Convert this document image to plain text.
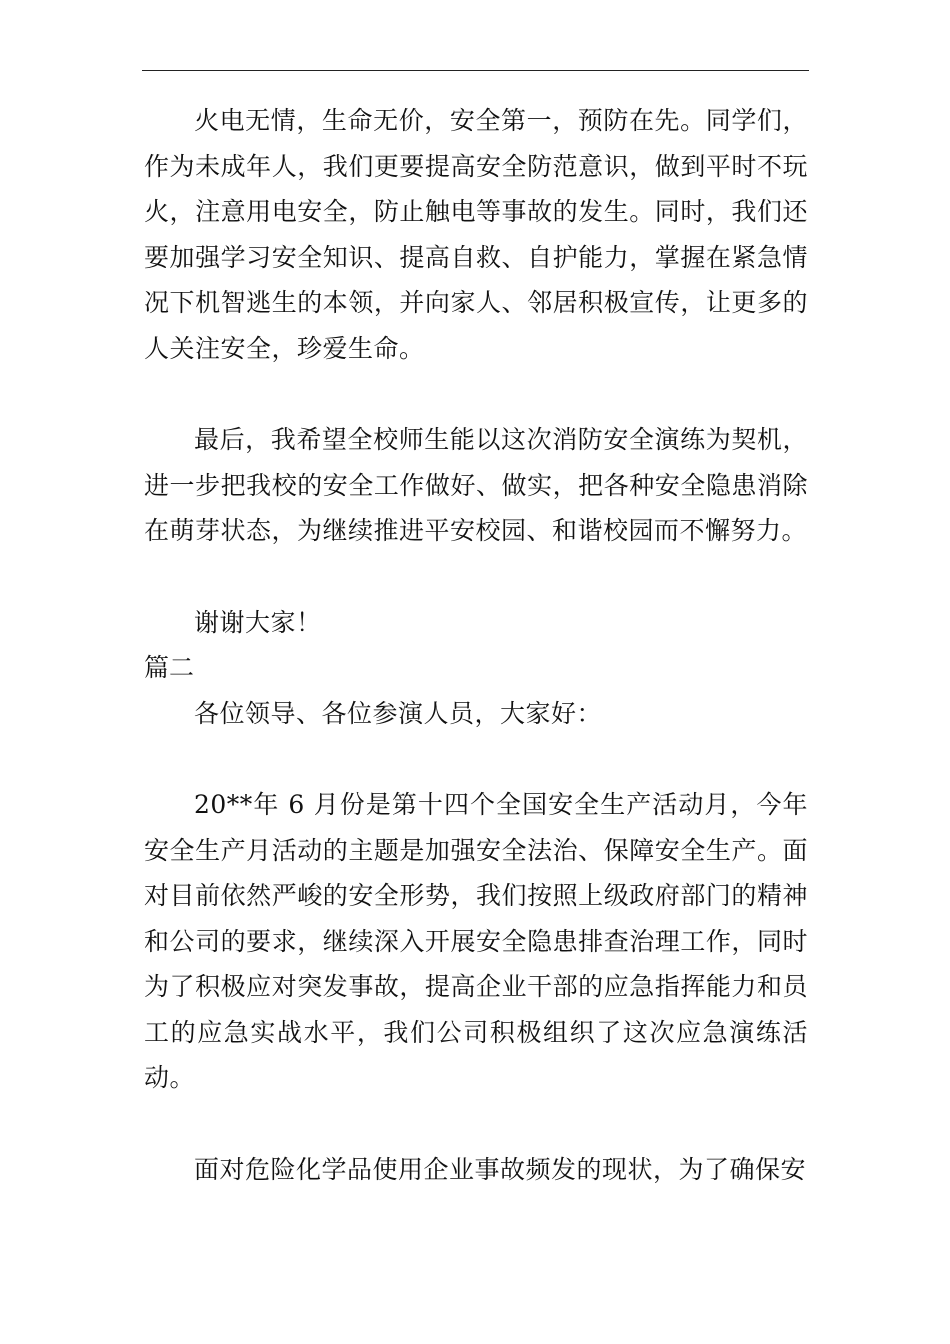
火电无情，生命无价，安全第一，预防在先。同学们，作为未成年人，我们更要提高安全防范意识，做到平时不玩火，注意用电安全，防止触电等事故的发生。同时，我们还要加强学习安全知识、提高自救、自护能力，掌握在紧急情况下机智逃生的本领，并向家人、邻居积极宣传，让更多的人关注安全，珍爱生命。

最后，我希望全校师生能以这次消防安全演练为契机，进一步把我校的安全工作做好、做实，把各种安全隐患消除在萌芽状态，为继续推进平安校园、和谐校园而不懈努力。

谢谢大家！

篇二

各位领导、各位参演人员，大家好：

20**年 6 月份是第十四个全国安全生产活动月，今年安全生产月活动的主题是加强安全法治、保障安全生产。面对目前依然严峻的安全形势，我们按照上级政府部门的精神和公司的要求，继续深入开展安全隐患排查治理工作，同时为了积极应对突发事故，提高企业干部的应急指挥能力和员工的应急实战水平，我们公司积极组织了这次应急演练活动。

面对危险化学品使用企业事故频发的现状，为了确保安
